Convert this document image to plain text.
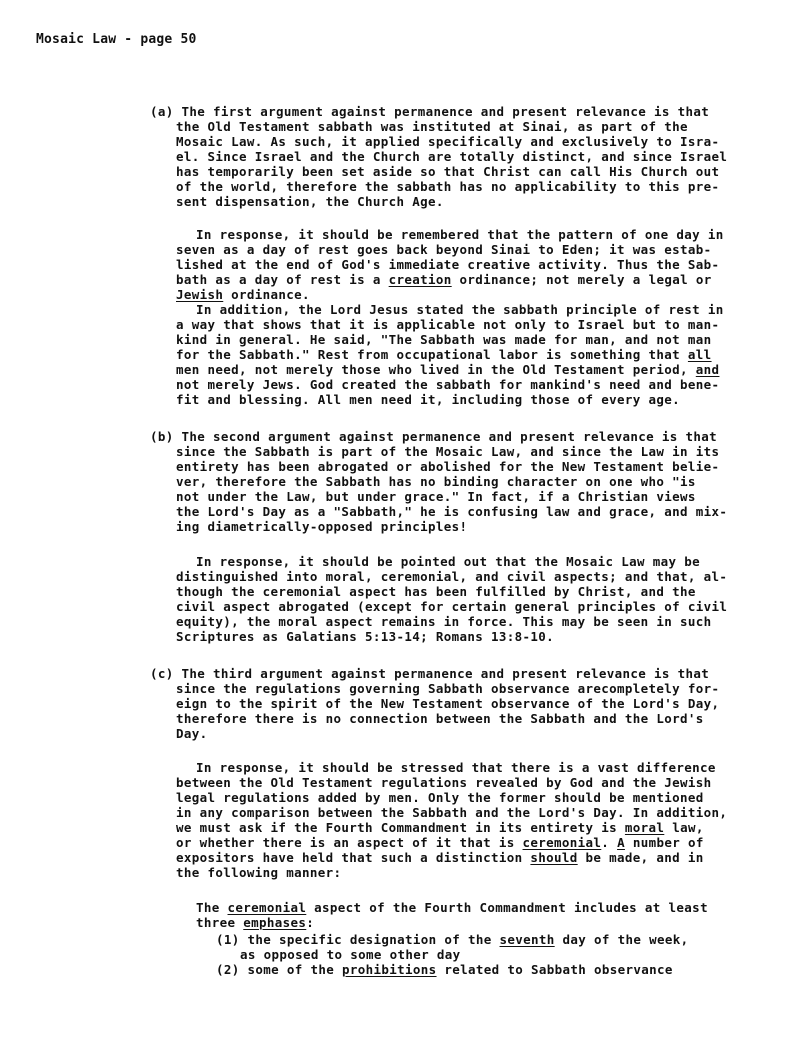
Mosaic Law - page 50
(a) The first argument against permanence and present relevance is that
the Old Testament sabbath was instituted at Sinai, as part of the
Mosaic Law. As such, it applied specifically and exclusively to Isra-
el. Since Israel and the Church are totally distinct, and since Israel
has temporarily been set aside so that Christ can call His Church out
of the world, therefore the sabbath has no applicability to this pre-
sent dispensation, the Church Age.
In response, it should be remembered that the pattern of one day in
seven as a day of rest goes back beyond Sinai to Eden; it was estab-
lished at the end of God's immediate creative activity. Thus the Sab-
bath as a day of rest is a creation ordinance; not merely a legal or
Jewish ordinance.
In addition, the Lord Jesus stated the sabbath principle of rest in
a way that shows that it is applicable not only to Israel but to man-
kind in general. He said, "The Sabbath was made for man, and not man
for the Sabbath." Rest from occupational labor is something that all
men need, not merely those who lived in the Old Testament period, and
not merely Jews. God created the sabbath for mankind's need and bene-
fit and blessing. All men need it, including those of every age.
(b) The second argument against permanence and present relevance is that
since the Sabbath is part of the Mosaic Law, and since the Law in its
entirety has been abrogated or abolished for the New Testament belie-
ver, therefore the Sabbath has no binding character on one who "is
not under the Law, but under grace." In fact, if a Christian views
the Lord's Day as a "Sabbath," he is confusing law and grace, and mix-
ing diametrically-opposed principles!
In response, it should be pointed out that the Mosaic Law may be
distinguished into moral, ceremonial, and civil aspects; and that, al-
though the ceremonial aspect has been fulfilled by Christ, and the
civil aspect abrogated (except for certain general principles of civil
equity), the moral aspect remains in force. This may be seen in such
Scriptures as Galatians 5:13-14; Romans 13:8-10.
(c) The third argument against permanence and present relevance is that
since the regulations governing Sabbath observance arecompletely for-
eign to the spirit of the New Testament observance of the Lord's Day,
therefore there is no connection between the Sabbath and the Lord's
Day.
In response, it should be stressed that there is a vast difference
between the Old Testament regulations revealed by God and the Jewish
legal regulations added by men. Only the former should be mentioned
in any comparison between the Sabbath and the Lord's Day. In addition,
we must ask if the Fourth Commandment in its entirety is moral law,
or whether there is an aspect of it that is ceremonial. A number of
expositors have held that such a distinction should be made, and in
the following manner:
The ceremonial aspect of the Fourth Commandment includes at least
three emphases:
(1) the specific designation of the seventh day of the week,
as opposed to some other day
(2) some of the prohibitions related to Sabbath observance
